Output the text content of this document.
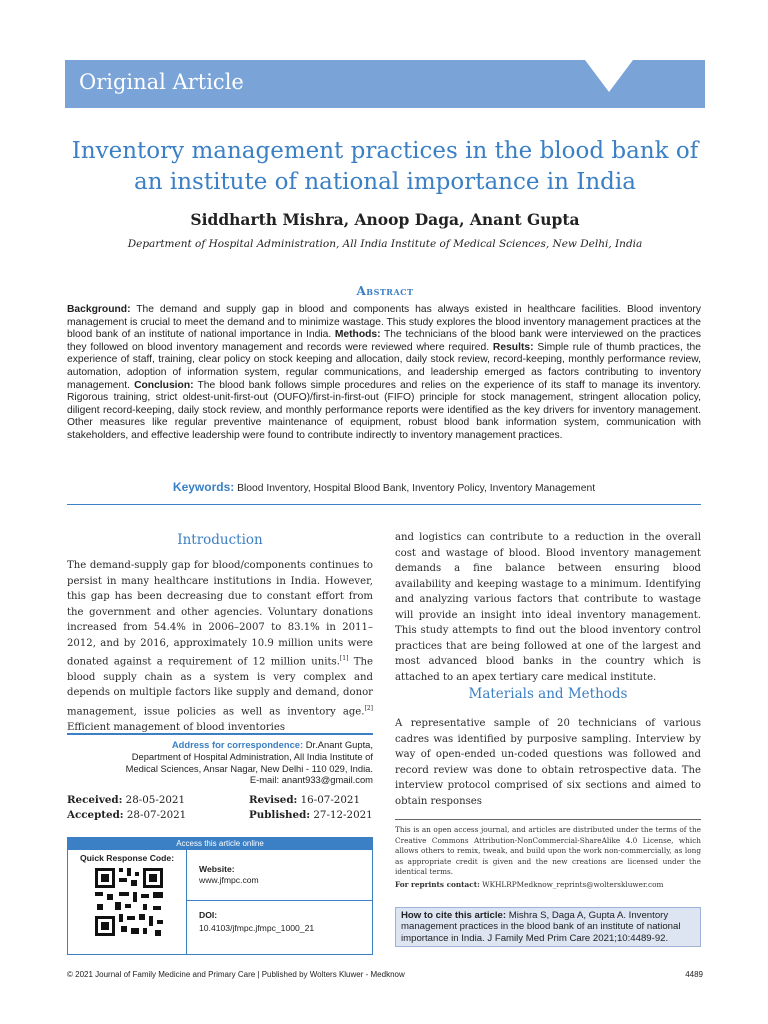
Original Article
Inventory management practices in the blood bank of an institute of national importance in India
Siddharth Mishra, Anoop Daga, Anant Gupta
Department of Hospital Administration, All India Institute of Medical Sciences, New Delhi, India
Abstract
Background: The demand and supply gap in blood and components has always existed in healthcare facilities. Blood inventory management is crucial to meet the demand and to minimize wastage. This study explores the blood inventory management practices at the blood bank of an institute of national importance in India. Methods: The technicians of the blood bank were interviewed on the practices they followed on blood inventory management and records were reviewed where required. Results: Simple rule of thumb practices, the experience of staff, training, clear policy on stock keeping and allocation, daily stock review, record-keeping, monthly performance review, automation, adoption of information system, regular communications, and leadership emerged as factors contributing to inventory management. Conclusion: The blood bank follows simple procedures and relies on the experience of its staff to manage its inventory. Rigorous training, strict oldest-unit-first-out (OUFO)/first-in-first-out (FIFO) principle for stock management, stringent allocation policy, diligent record-keeping, daily stock review, and monthly performance reports were identified as the key drivers for inventory management. Other measures like regular preventive maintenance of equipment, robust blood bank information system, communication with stakeholders, and effective leadership were found to contribute indirectly to inventory management practices.
Keywords: Blood Inventory, Hospital Blood Bank, Inventory Policy, Inventory Management
Introduction
The demand-supply gap for blood/components continues to persist in many healthcare institutions in India. However, this gap has been decreasing due to constant effort from the government and other agencies. Voluntary donations increased from 54.4% in 2006–2007 to 83.1% in 2011–2012, and by 2016, approximately 10.9 million units were donated against a requirement of 12 million units.[1] The blood supply chain as a system is very complex and depends on multiple factors like supply and demand, donor management, issue policies as well as inventory age.[2] Efficient management of blood inventories
and logistics can contribute to a reduction in the overall cost and wastage of blood. Blood inventory management demands a fine balance between ensuring blood availability and keeping wastage to a minimum. Identifying and analyzing various factors that contribute to wastage will provide an insight into ideal inventory management. This study attempts to find out the blood inventory control practices that are being followed at one of the largest and most advanced blood banks in the country which is attached to an apex tertiary care medical institute.
Materials and Methods
A representative sample of 20 technicians of various cadres was identified by purposive sampling. Interview by way of open-ended un-coded questions was followed and record review was done to obtain retrospective data. The interview protocol comprised of six sections and aimed to obtain responses
Address for correspondence: Dr.Anant Gupta,
Department of Hospital Administration, All India Institute of
Medical Sciences, Ansar Nagar, New Delhi - 110 029, India.
E-mail: anant933@gmail.com
Received: 28-05-2021	Revised: 16-07-2021
Accepted: 28-07-2021	Published: 27-12-2021
Access this article online
Quick Response Code:
Website:
www.jfmpc.com
DOI:
10.4103/jfmpc.jfmpc_1000_21
This is an open access journal, and articles are distributed under the terms of the Creative Commons Attribution-NonCommercial-ShareAlike 4.0 License, which allows others to remix, tweak, and build upon the work non-commercially, as long as appropriate credit is given and the new creations are licensed under the identical terms.
For reprints contact: WKHLRPMedknow_reprints@wolterskluwer.com
How to cite this article: Mishra S, Daga A, Gupta A. Inventory management practices in the blood bank of an institute of national importance in India. J Family Med Prim Care 2021;10:4489-92.
© 2021 Journal of Family Medicine and Primary Care | Published by Wolters Kluwer - Medknow	4489
